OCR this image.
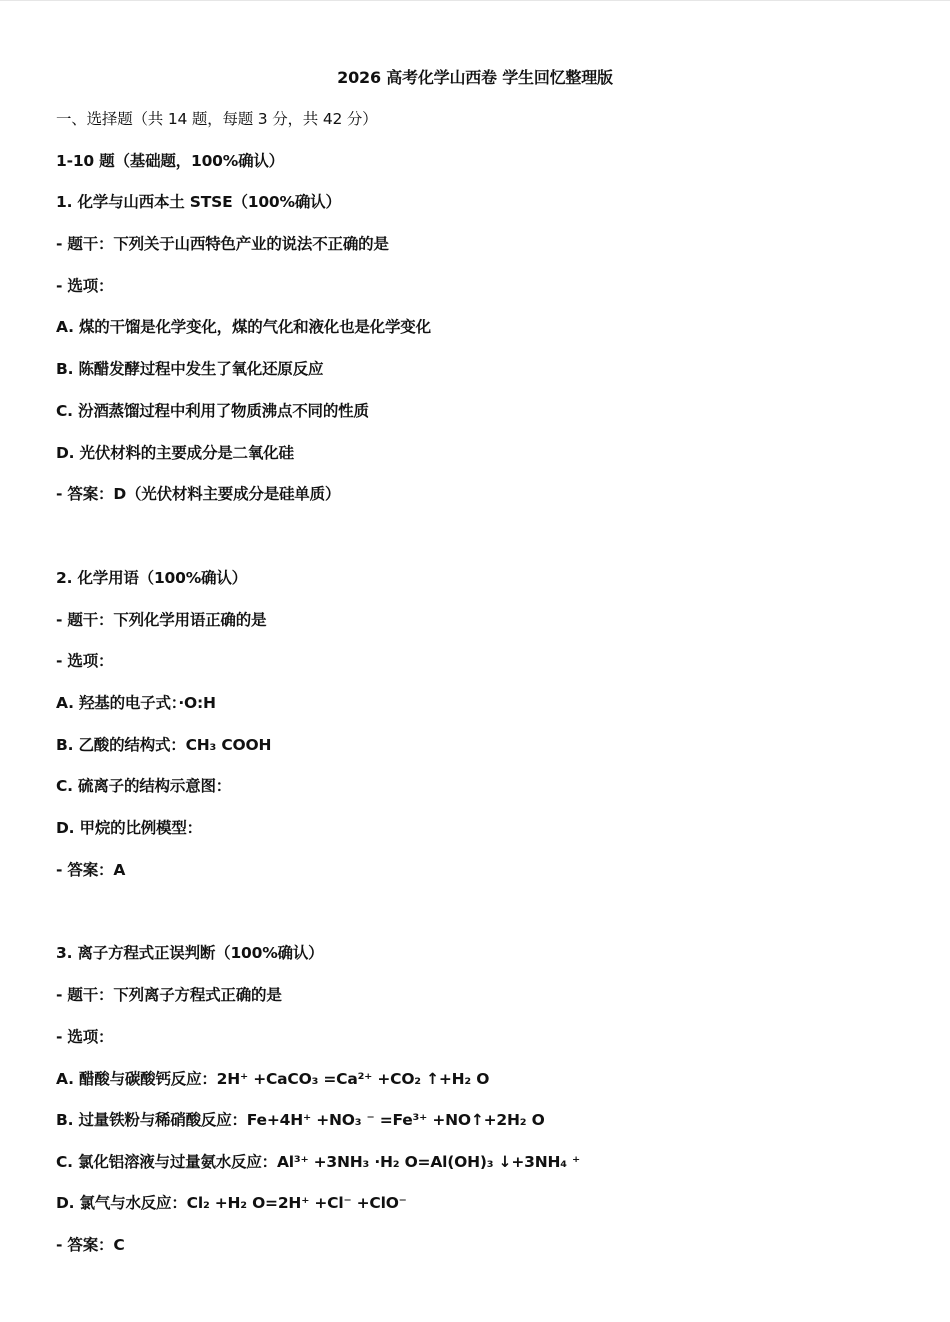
2026 高考化学山西卷 学生回忆整理版
一、选择题（共 14 题，每题 3 分，共 42 分）
1-10 题（基础题，100%确认）
1. 化学与山西本土 STSE（100%确认）
- 题干：下列关于山西特色产业的说法不正确的是
- 选项：
A. 煤的干馏是化学变化，煤的气化和液化也是化学变化
B. 陈醋发酵过程中发生了氧化还原反应
C. 汾酒蒸馏过程中利用了物质沸点不同的性质
D. 光伏材料的主要成分是二氧化硅
- 答案：D（光伏材料主要成分是硅单质）
2. 化学用语（100%确认）
- 题干：下列化学用语正确的是
- 选项：
A. 羟基的电子式：·O:H
B. 乙酸的结构式：CH₃ COOH
C. 硫离子的结构示意图：
D. 甲烷的比例模型：
- 答案：A
3. 离子方程式正误判断（100%确认）
- 题干：下列离子方程式正确的是
- 选项：
A. 醋酸与碳酸钙反应：2H⁺ +CaCO₃ =Ca²⁺ +CO₂ ↑+H₂ O
B. 过量铁粉与稀硝酸反应：Fe+4H⁺ +NO₃ ⁻ =Fe³⁺ +NO↑+2H₂ O
C. 氯化铝溶液与过量氨水反应：Al³⁺ +3NH₃ ·H₂ O=Al(OH)₃ ↓+3NH₄ ⁺
D. 氯气与水反应：Cl₂ +H₂ O=2H⁺ +Cl⁻ +ClO⁻
- 答案：C
